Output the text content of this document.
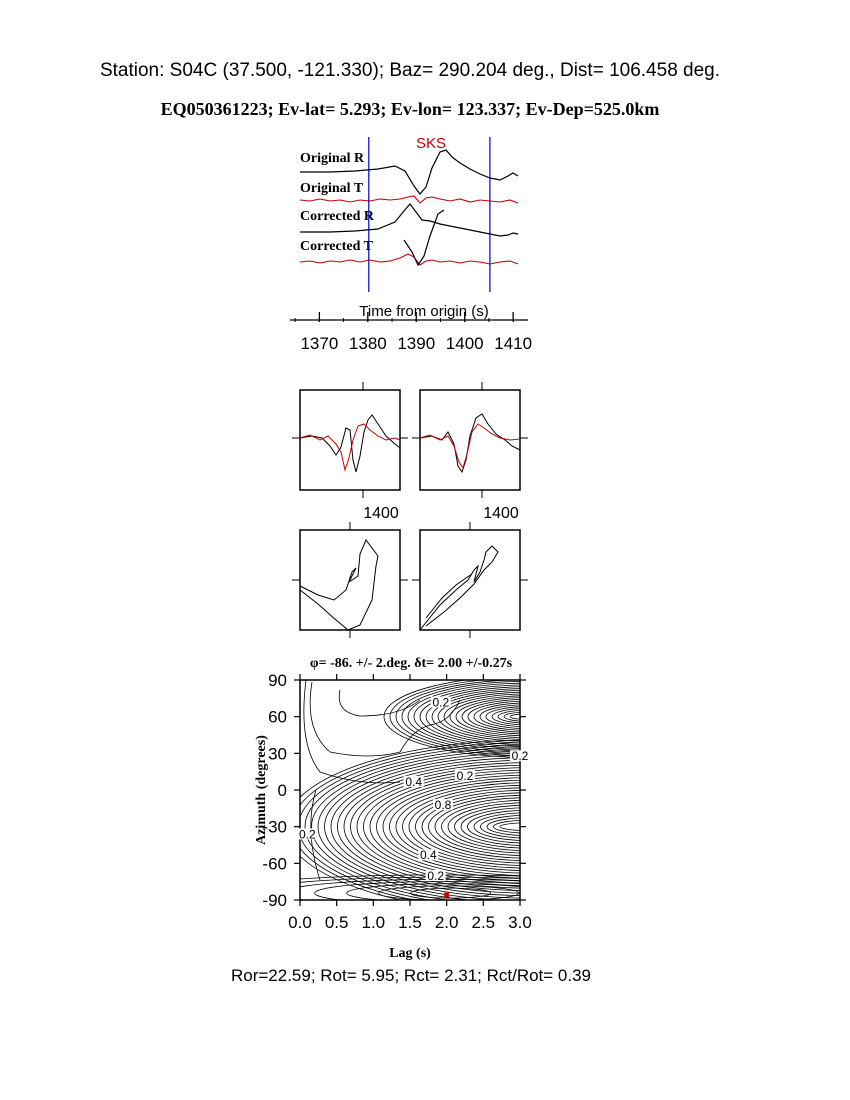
Station: S04C (37.500, -121.330); Baz= 290.204 deg., Dist= 106.458 deg.
EQ050361223; Ev-lat= 5.293; Ev-lon= 123.337; Ev-Dep=525.0km
SKS
Original R
Original T
Corrected R
Corrected T
1370 1380 1390 1400 1410
Time from origin (s)
1400	1400
φ= -86. +/- 2.deg. δt= 2.00 +/-0.27s
0.0 0.5 1.0 1.5 2.0 2.5 3.0
90
60
30
0
-30
-60
-90
0.2
0.2
0.2
0.4
0.8
0.2
0.4
0.2
Lag (s)
Azimuth (degrees)
Ror=22.59; Rot= 5.95; Rct= 2.31; Rct/Rot= 0.39
